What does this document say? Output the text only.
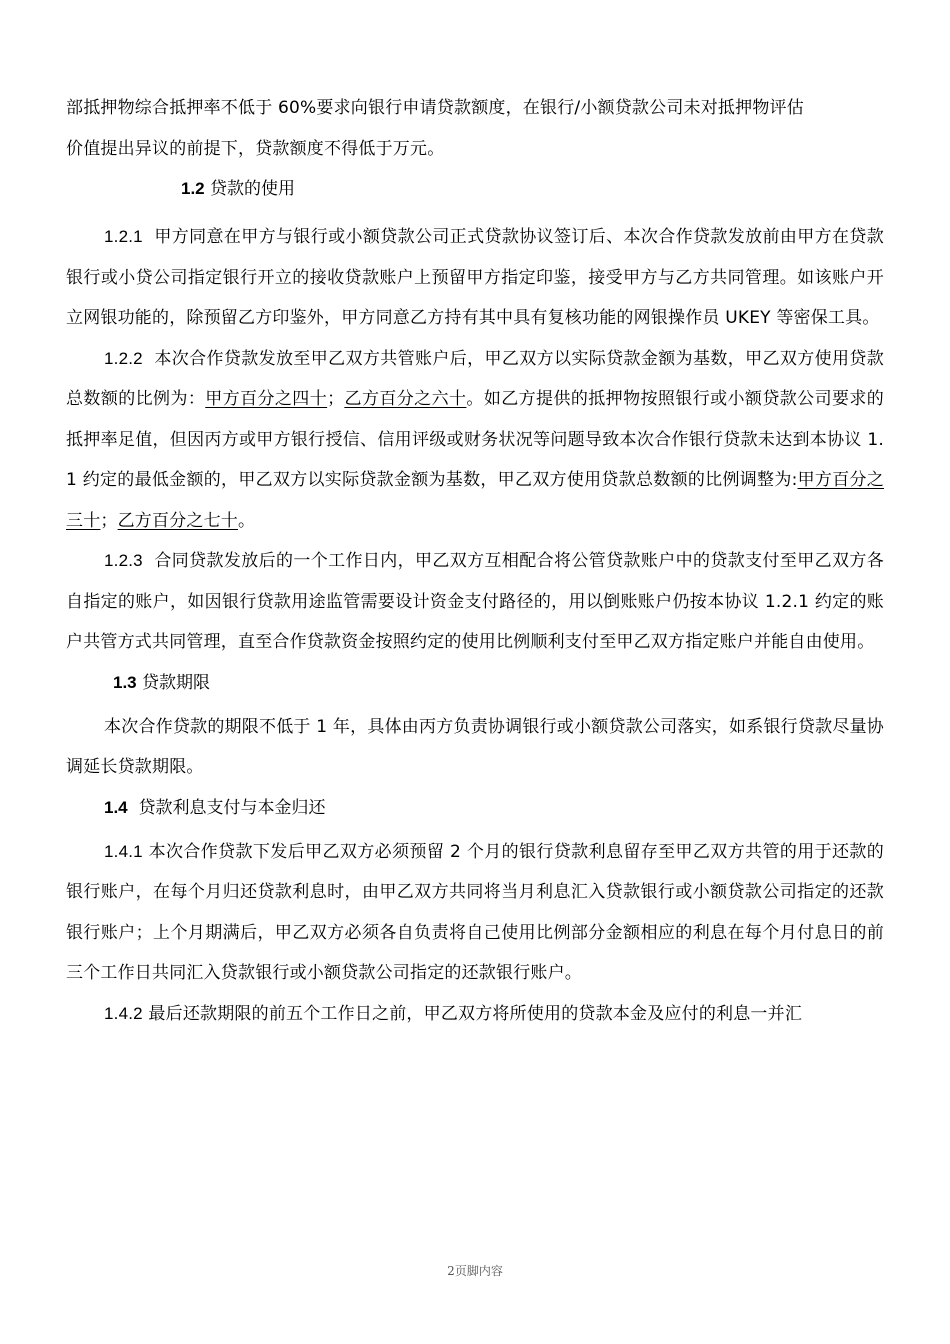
部抵押物综合抵押率不低于 60%要求向银行申请贷款额度，在银行/小额贷款公司未对抵押物评估
价值提出异议的前提下，贷款额度不得低于万元。

1.2 贷款的使用

1.2.1 甲方同意在甲方与银行或小额贷款公司正式贷款协议签订后、本次合作贷款发放前由甲方在贷款银行或小贷公司指定银行开立的接收贷款账户上预留甲方指定印鉴，接受甲方与乙方共同管理。如该账户开立网银功能的，除预留乙方印鉴外，甲方同意乙方持有其中具有复核功能的网银操作员 UKEY 等密保工具。

1.2.2 本次合作贷款发放至甲乙双方共管账户后，甲乙双方以实际贷款金额为基数，甲乙双方使用贷款总数额的比例为：甲方百分之四十；乙方百分之六十。如乙方提供的抵押物按照银行或小额贷款公司要求的抵押率足值，但因丙方或甲方银行授信、信用评级或财务状况等问题导致本次合作银行贷款未达到本协议 1.1 约定的最低金额的，甲乙双方以实际贷款金额为基数，甲乙双方使用贷款总数额的比例调整为:甲方百分之三十；乙方百分之七十。

1.2.3 合同贷款发放后的一个工作日内，甲乙双方互相配合将公管贷款账户中的贷款支付至甲乙双方各自指定的账户，如因银行贷款用途监管需要设计资金支付路径的，用以倒账账户仍按本协议 1.2.1 约定的账户共管方式共同管理，直至合作贷款资金按照约定的使用比例顺利支付至甲乙双方指定账户并能自由使用。

1.3 贷款期限

本次合作贷款的期限不低于 1 年，具体由丙方负责协调银行或小额贷款公司落实，如系银行贷款尽量协调延长贷款期限。

1.4 贷款利息支付与本金归还

1.4.1 本次合作贷款下发后甲乙双方必须预留 2 个月的银行贷款利息留存至甲乙双方共管的用于还款的银行账户，在每个月归还贷款利息时，由甲乙双方共同将当月利息汇入贷款银行或小额贷款公司指定的还款银行账户；上个月期满后，甲乙双方必须各自负责将自己使用比例部分金额相应的利息在每个月付息日的前三个工作日共同汇入贷款银行或小额贷款公司指定的还款银行账户。

1.4.2 最后还款期限的前五个工作日之前，甲乙双方将所使用的贷款本金及应付的利息一并汇

2页脚内容
